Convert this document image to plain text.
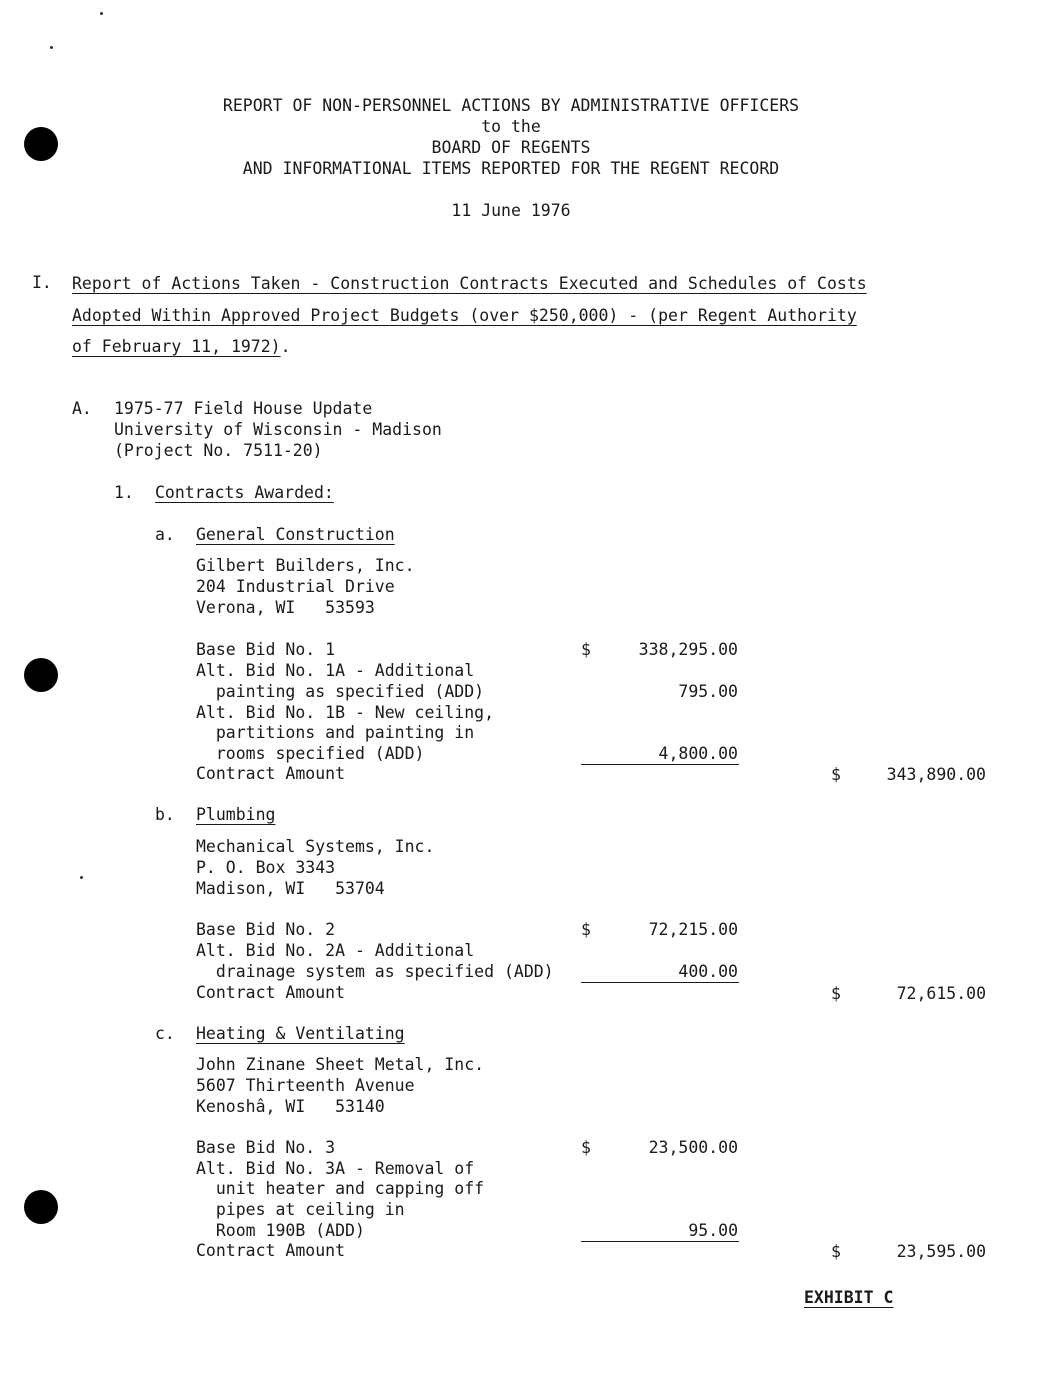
REPORT OF NON-PERSONNEL ACTIONS BY ADMINISTRATIVE OFFICERS
to the
BOARD OF REGENTS
AND INFORMATIONAL ITEMS REPORTED FOR THE REGENT RECORD
11 June 1976
I. Report of Actions Taken - Construction Contracts Executed and Schedules of Costs
Adopted Within Approved Project Budgets (over $250,000) - (per Regent Authority
of February 11, 1972).
A. 1975-77 Field House Update
University of Wisconsin - Madison
(Project No. 7511-20)
1. Contracts Awarded:
a. General Construction
Gilbert Builders, Inc.
204 Industrial Drive
Verona, WI   53593
Base Bid No. 1	$	338,295.00
Alt. Bid No. 1A - Additional
painting as specified (ADD)	795.00
Alt. Bid No. 1B - New ceiling,
partitions and painting in
rooms specified (ADD)	4,800.00
Contract Amount	$	343,890.00
b. Plumbing
Mechanical Systems, Inc.
P. O. Box 3343
Madison, WI   53704
Base Bid No. 2	$	72,215.00
Alt. Bid No. 2A - Additional
drainage system as specified (ADD)	400.00
Contract Amount	$	72,615.00
c. Heating & Ventilating
John Zinane Sheet Metal, Inc.
5607 Thirteenth Avenue
Kenoshâ, WI   53140
Base Bid No. 3	$	23,500.00
Alt. Bid No. 3A - Removal of
unit heater and capping off
pipes at ceiling in
Room 190B (ADD)	95.00
Contract Amount	$	23,595.00
EXHIBIT C
